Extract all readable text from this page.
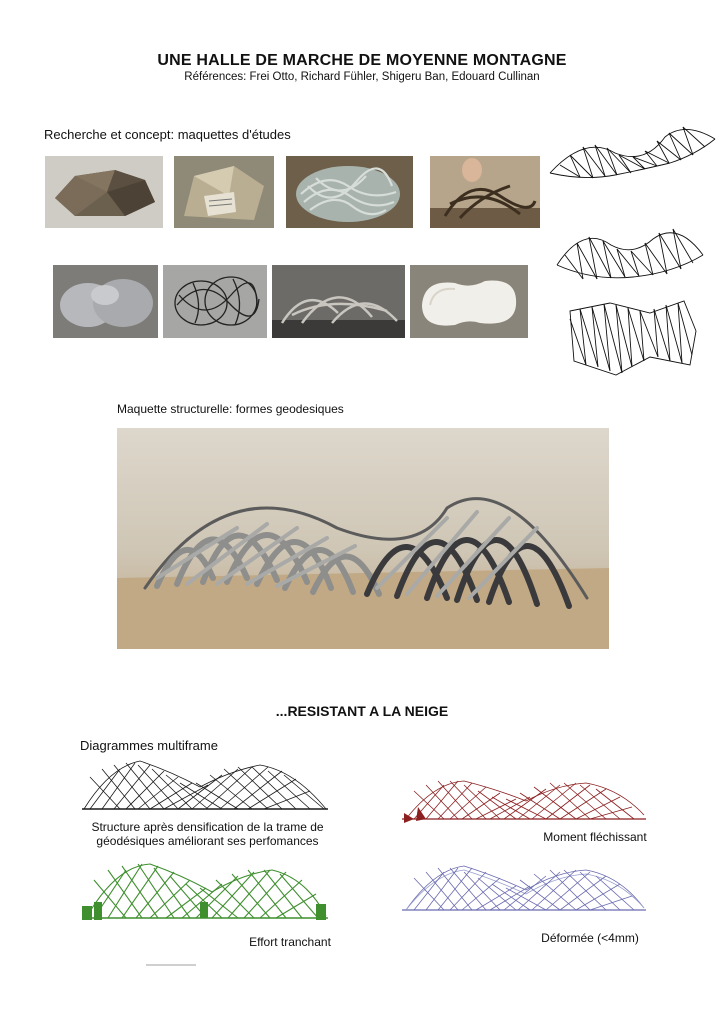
UNE HALLE DE MARCHE DE MOYENNE MONTAGNE
Références: Frei Otto, Richard Fühler, Shigeru Ban, Edouard Cullinan
Recherche et concept: maquettes d'études
Maquette structurelle: formes geodesiques
...RESISTANT A LA NEIGE
Diagrammes multiframe
Structure après densification de la trame de
géodésiques améliorant ses perfomances	Moment fléchissant
Effort tranchant	Déformée (<4mm)
